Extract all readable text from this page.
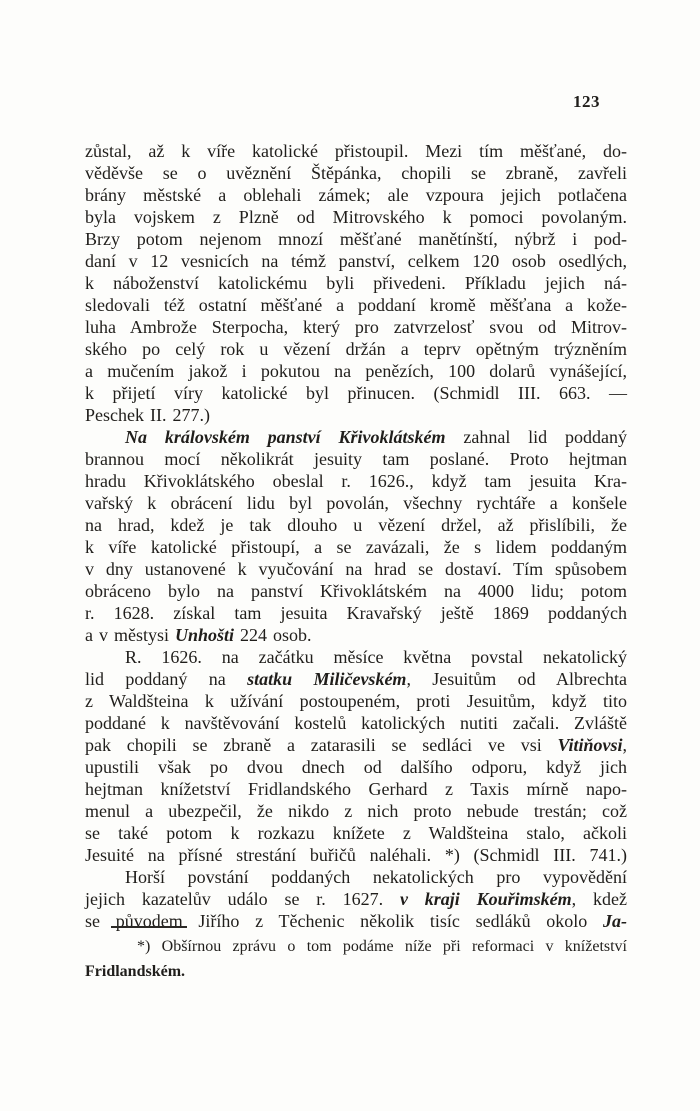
123
zůstal, až k víře katolické přistoupil. Mezi tím měšťané, do-
věděvše se o uvěznění Štěpánka, chopili se zbraně, zavřeli
brány městské a oblehali zámek; ale vzpoura jejich potlačena
byla vojskem z Plzně od Mitrovského k pomoci povolaným.
Brzy potom nejenom mnozí měšťané manětínští, nýbrž i pod-
daní v 12 vesnicích na témž panství, celkem 120 osob osedlých,
k náboženství katolickému byli přivedeni. Příkladu jejich ná-
sledovali též ostatní měšťané a poddaní kromě měšťana a kože-
luha Ambrože Sterpocha, který pro zatvrzelosť svou od Mitrov-
ského po celý rok u vězení držán a teprv opětným trýzněním
a mučením jakož i pokutou na penězích, 100 dolarů vynášející,
k přijetí víry katolické byl přinucen. (Schmidl III. 663. —
Peschek II. 277.)
Na královském panství Křivoklátském zahnal lid poddaný
brannou mocí několikrát jesuity tam poslané. Proto hejtman
hradu Křivoklátského obeslal r. 1626., když tam jesuita Kra-
vařský k obrácení lidu byl povolán, všechny rychtáře a konšele
na hrad, kdež je tak dlouho u vězení držel, až přislíbili, že
k víře katolické přistoupí, a se zavázali, že s lidem poddaným
v dny ustanovené k vyučování na hrad se dostaví. Tím spůsobem
obráceno bylo na panství Křivoklátském na 4000 lidu; potom
r. 1628. získal tam jesuita Kravařský ještě 1869 poddaných
a v městysi Unhošti 224 osob.
R. 1626. na začátku měsíce května povstal nekatolický
lid poddaný na statku Miličevském, Jesuitům od Albrechta
z Waldšteina k užívání postoupeném, proti Jesuitům, když tito
poddané k navštěvování kostelů katolických nutiti začali. Zvláště
pak chopili se zbraně a zatarasili se sedláci ve vsi Vitiňovsi,
upustili však po dvou dnech od dalšího odporu, když jich
hejtman knížetství Fridlandského Gerhard z Taxis mírně napo-
menul a ubezpečil, že nikdo z nich proto nebude trestán; což
se také potom k rozkazu knížete z Waldšteina stalo, ačkoli
Jesuité na přísné strestání buřičů naléhali. *) (Schmidl III. 741.)
Horší povstání poddaných nekatolických pro vypovědění
jejich kazatelův událo se r. 1627. v kraji Kouřimském, kdež
se původem Jiřího z Těchenic několik tisíc sedláků okolo Ja-
*) Obšírnou zprávu o tom podáme níže při reformaci v knížetství
Fridlandském.
